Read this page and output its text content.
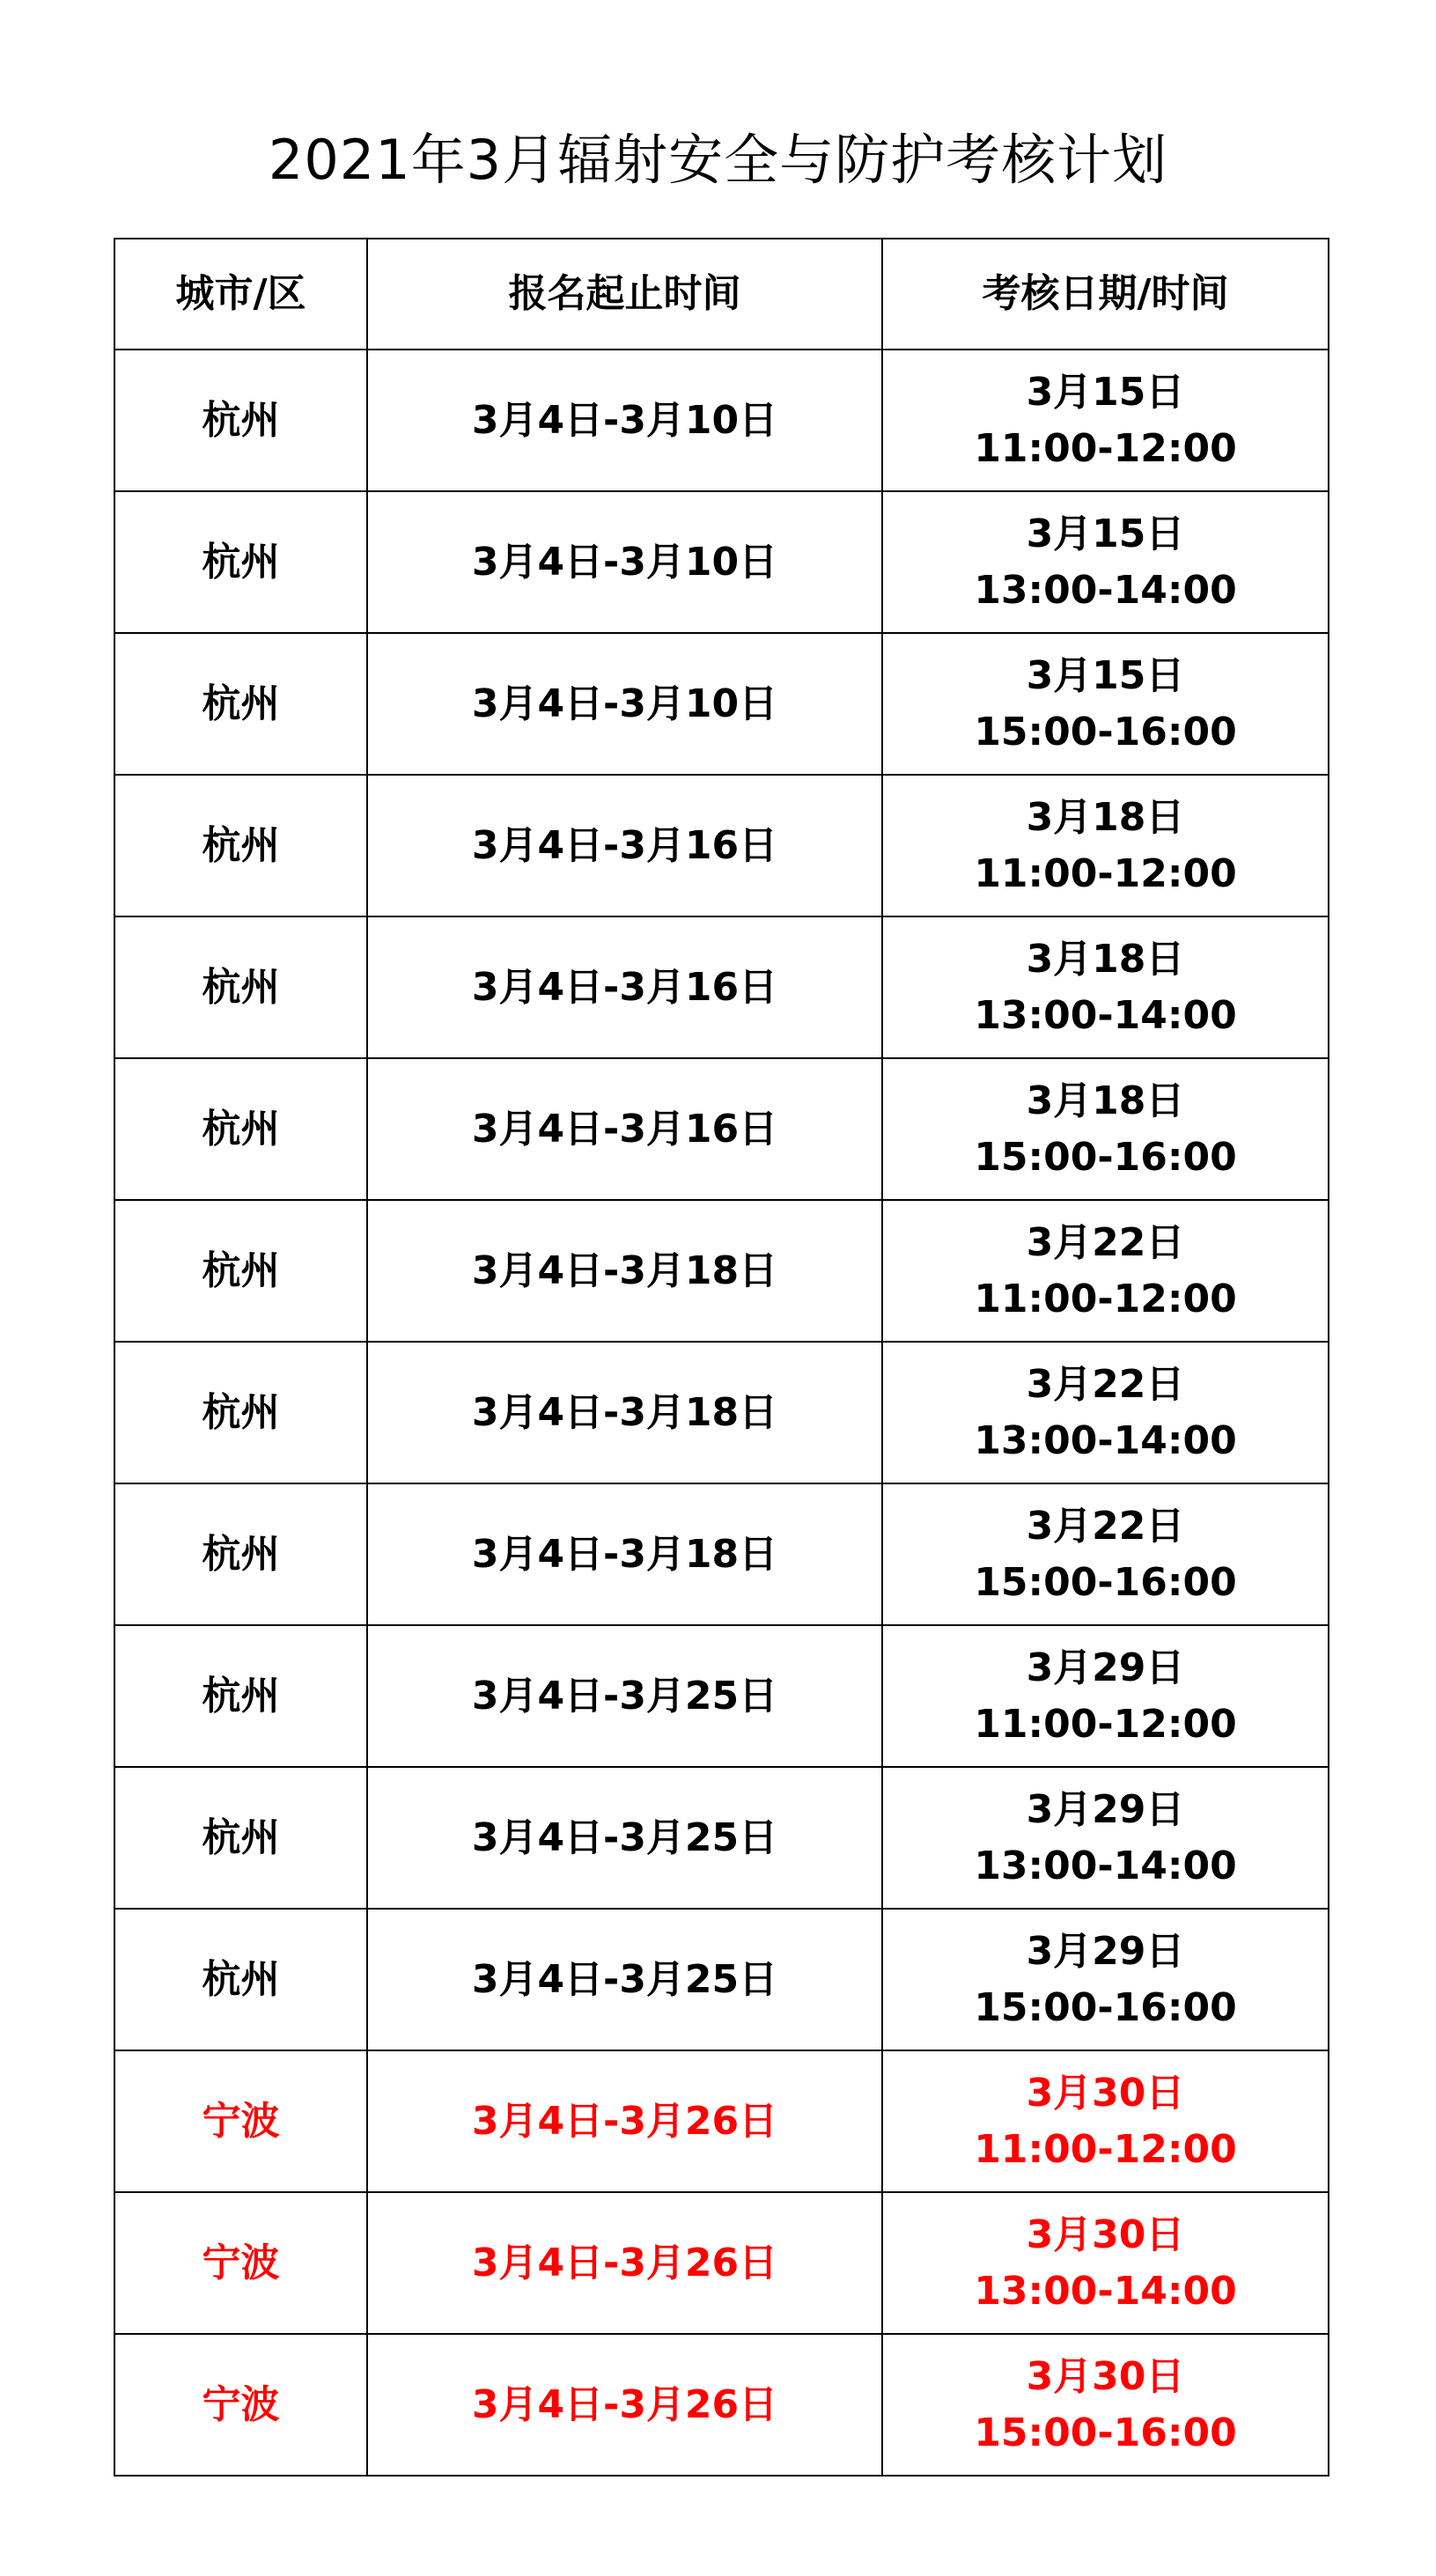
2021年3月辐射安全与防护考核计划
城市/区	报名起止时间	考核日期/时间
杭州	3月4日-3月10日	3月15日
11:00-12:00

杭州	3月4日-3月10日	3月15日
13:00-14:00

杭州	3月4日-3月10日	3月15日
15:00-16:00

杭州	3月4日-3月16日	3月18日
11:00-12:00

杭州	3月4日-3月16日	3月18日
13:00-14:00

杭州	3月4日-3月16日	3月18日
15:00-16:00

杭州	3月4日-3月18日	3月22日
11:00-12:00

杭州	3月4日-3月18日	3月22日
13:00-14:00

杭州	3月4日-3月18日	3月22日
15:00-16:00

杭州	3月4日-3月25日	3月29日
11:00-12:00

杭州	3月4日-3月25日	3月29日
13:00-14:00

杭州	3月4日-3月25日	3月29日
15:00-16:00

宁波	3月4日-3月26日	3月30日
11:00-12:00

宁波	3月4日-3月26日	3月30日
13:00-14:00

宁波	3月4日-3月26日	3月30日
15:00-16:00
